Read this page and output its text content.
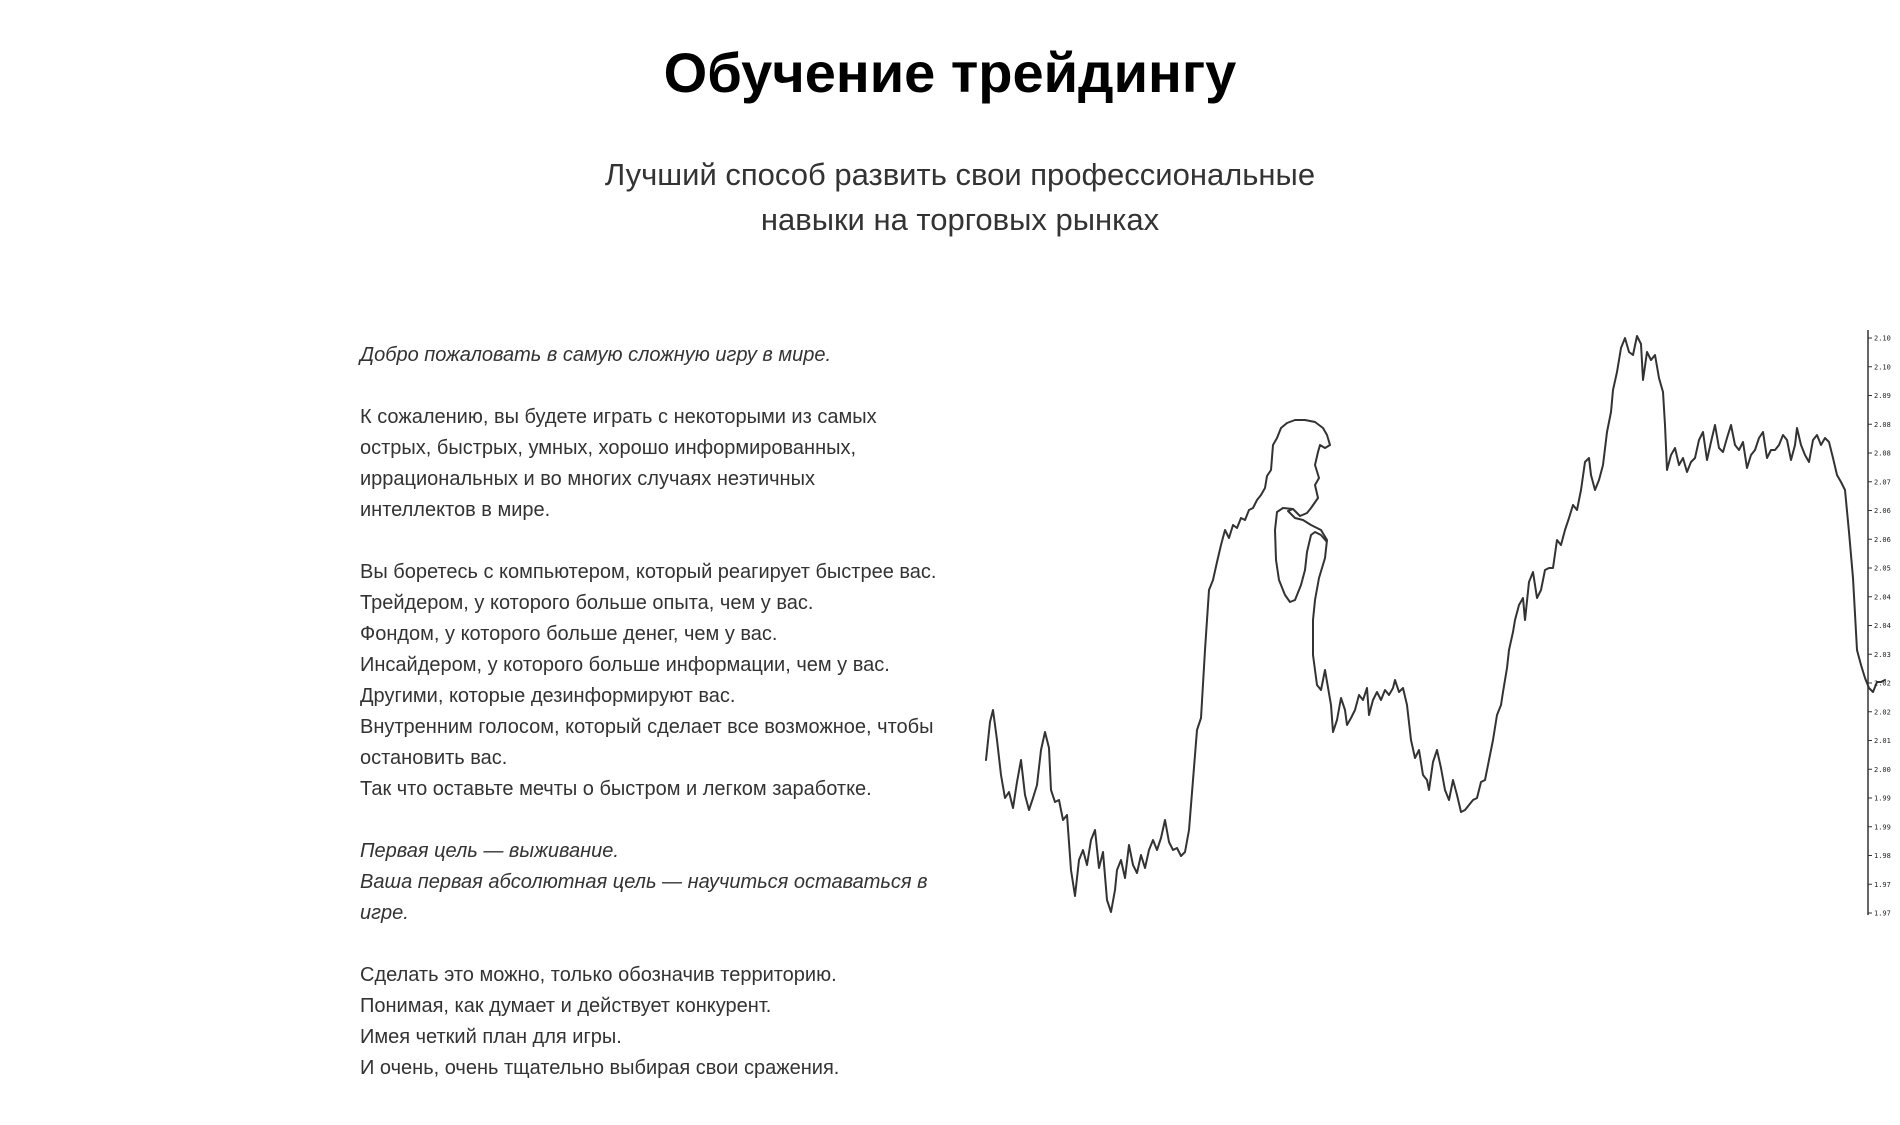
Обучение трейдингу

Лучший способ развить свои профессиональные
навыки на торговых рынках

Добро пожаловать в самую сложную игру в мире.

К сожалению, вы будете играть с некоторыми из самых
острых, быстрых, умных, хорошо информированных,
иррациональных и во многих случаях неэтичных
интеллектов в мире.

Вы боретесь с компьютером, который реагирует быстрее вас.
Трейдером, у которого больше опыта, чем у вас.
Фондом, у которого больше денег, чем у вас.
Инсайдером, у которого больше информации, чем у вас.
Другими, которые дезинформируют вас.
Внутренним голосом, который сделает все возможное, чтобы
остановить вас.
Так что оставьте мечты о быстром и легком заработке.

Первая цель — выживание.
Ваша первая абсолютная цель — научиться оставаться в
игре.

Сделать это можно, только обозначив территорию.
Понимая, как думает и действует конкурент.
Имея четкий план для игры.
И очень, очень тщательно выбирая свои сражения.

2.10
2.10
2.09
2.08
2.08
2.07
2.06
2.06
2.05
2.04
2.04
2.03
2.02
2.02
2.01
2.00
1.99
1.99
1.98
1.97
1.97
